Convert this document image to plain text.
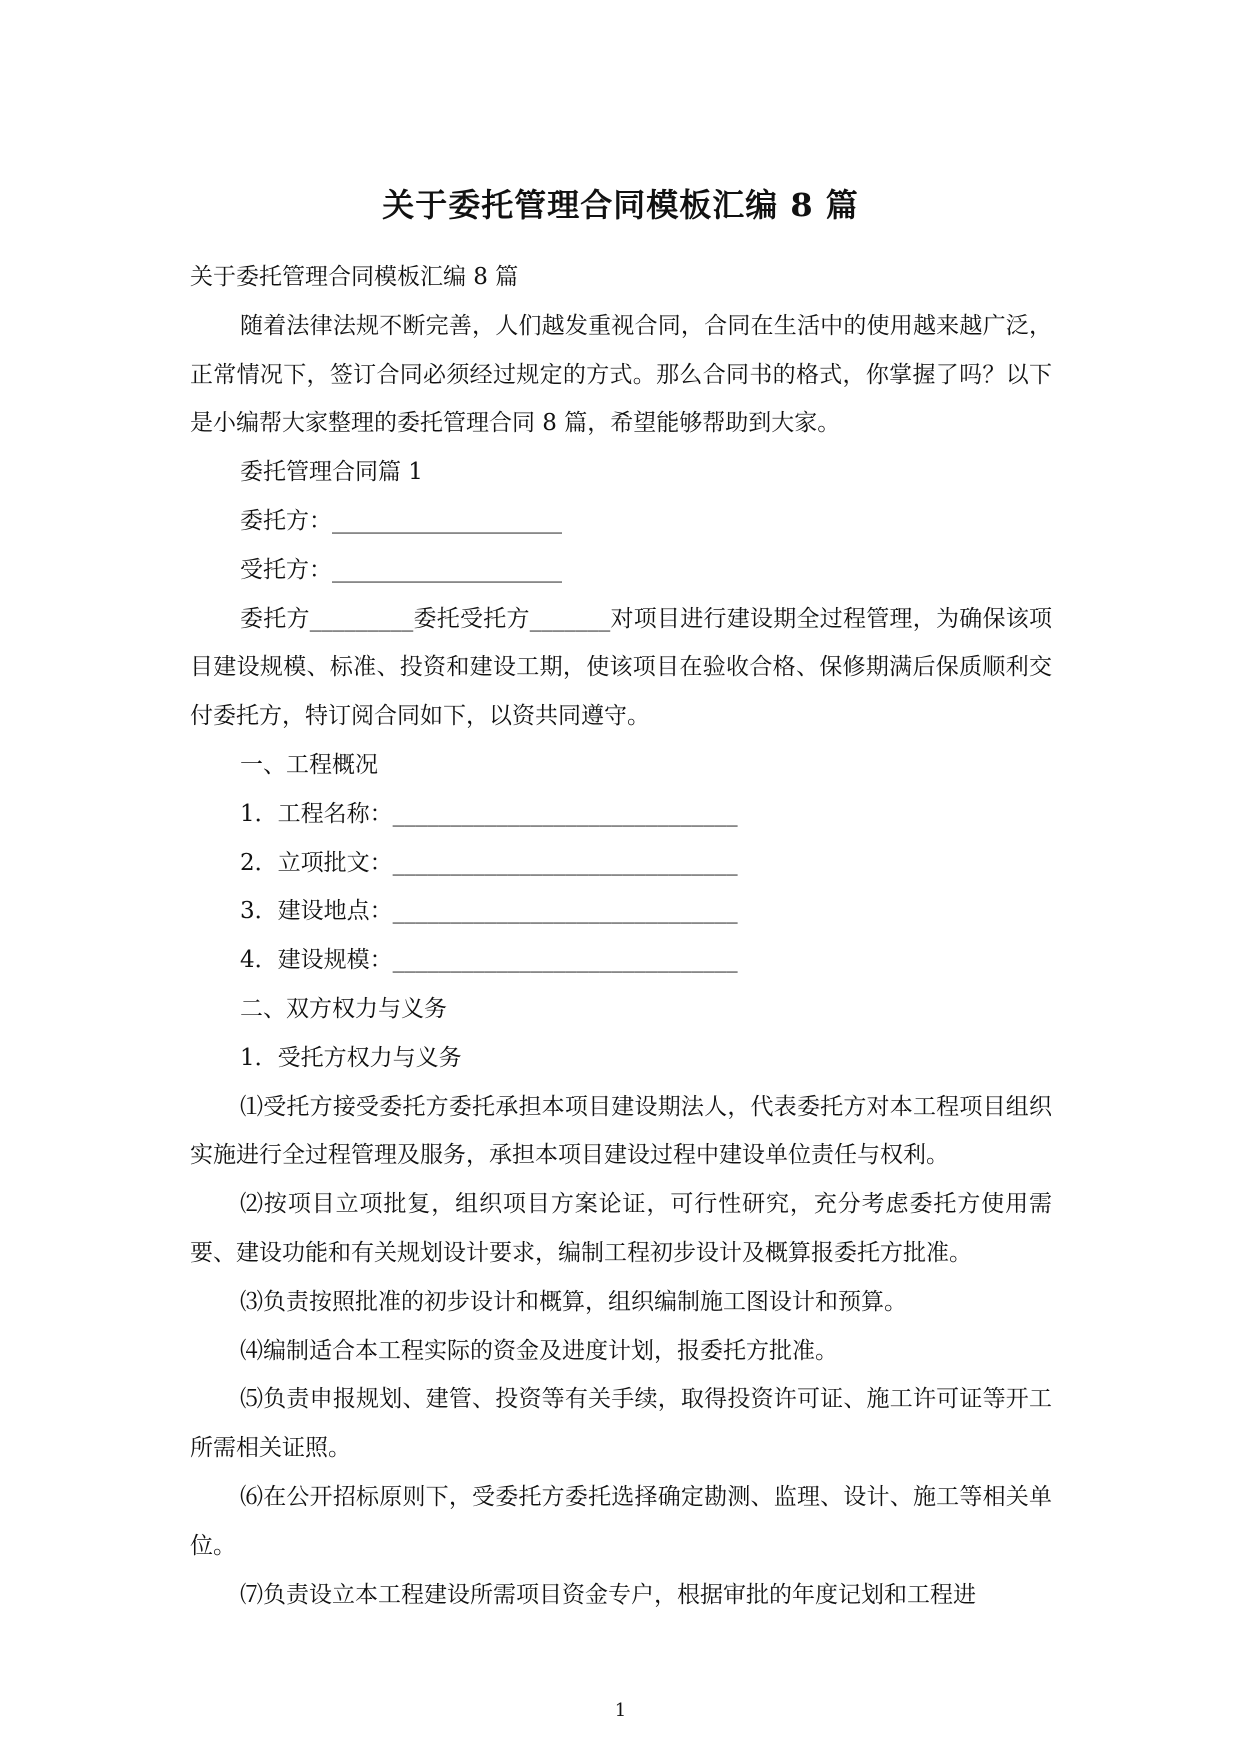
关于委托管理合同模板汇编 8 篇

关于委托管理合同模板汇编 8 篇

随着法律法规不断完善，人们越发重视合同，合同在生活中的使用越来越广泛，正常情况下，签订合同必须经过规定的方式。那么合同书的格式，你掌握了吗？以下是小编帮大家整理的委托管理合同 8 篇，希望能够帮助到大家。

委托管理合同篇 1

委托方：____________________

受托方：____________________

委托方_________委托受托方_______对项目进行建设期全过程管理，为确保该项目建设规模、标准、投资和建设工期，使该项目在验收合格、保修期满后保质顺利交付委托方，特订阅合同如下，以资共同遵守。

一、工程概况

1．工程名称：______________________________

2．立项批文：______________________________

3．建设地点：______________________________

4．建设规模：______________________________

二、双方权力与义务

1．受托方权力与义务

⑴受托方接受委托方委托承担本项目建设期法人，代表委托方对本工程项目组织实施进行全过程管理及服务，承担本项目建设过程中建设单位责任与权利。

⑵按项目立项批复，组织项目方案论证，可行性研究，充分考虑委托方使用需要、建设功能和有关规划设计要求，编制工程初步设计及概算报委托方批准。

⑶负责按照批准的初步设计和概算，组织编制施工图设计和预算。

⑷编制适合本工程实际的资金及进度计划，报委托方批准。

⑸负责申报规划、建管、投资等有关手续，取得投资许可证、施工许可证等开工所需相关证照。

⑹在公开招标原则下，受委托方委托选择确定勘测、监理、设计、施工等相关单位。

⑺负责设立本工程建设所需项目资金专户，根据审批的年度记划和工程进

1
